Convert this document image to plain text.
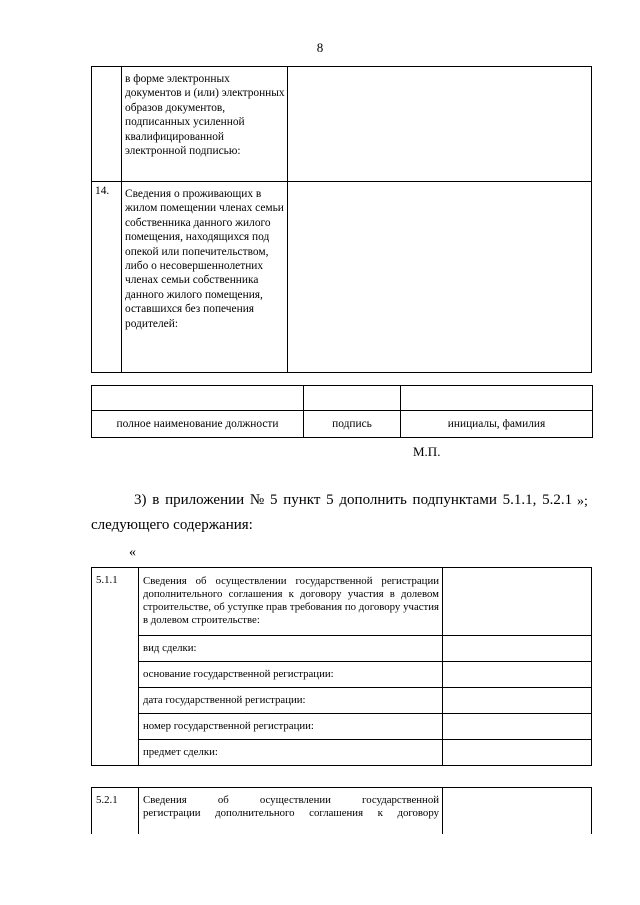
8
	в форме электронных документов и (или) электронных образов документов, подписанных усиленной квалифицированной электронной подписью:	
14.	Сведения о проживающих в жилом помещении членах семьи собственника данного жилого помещения, находящихся под опекой или попечительством, либо о несовершеннолетних членах семьи собственника данного жилого помещения, оставшихся без попечения родителей:	

полное наименование должности	подпись	инициалы, фамилия
М.П.
»;
3) в приложении № 5 пункт 5 дополнить подпунктами 5.1.1, 5.2.1
следующего содержания:
«
5.1.1	Сведения об осуществлении государственной регистрации дополнительного соглашения к договору участия в долевом строительстве, об уступке прав требования по договору участия в долевом строительстве:	
	вид сделки:	
	основание государственной регистрации:	
	дата государственной регистрации:	
	номер государственной регистрации:	
	предмет сделки:	
5.2.1	Сведения об осуществлении государственной
регистрации дополнительного соглашения к договору
